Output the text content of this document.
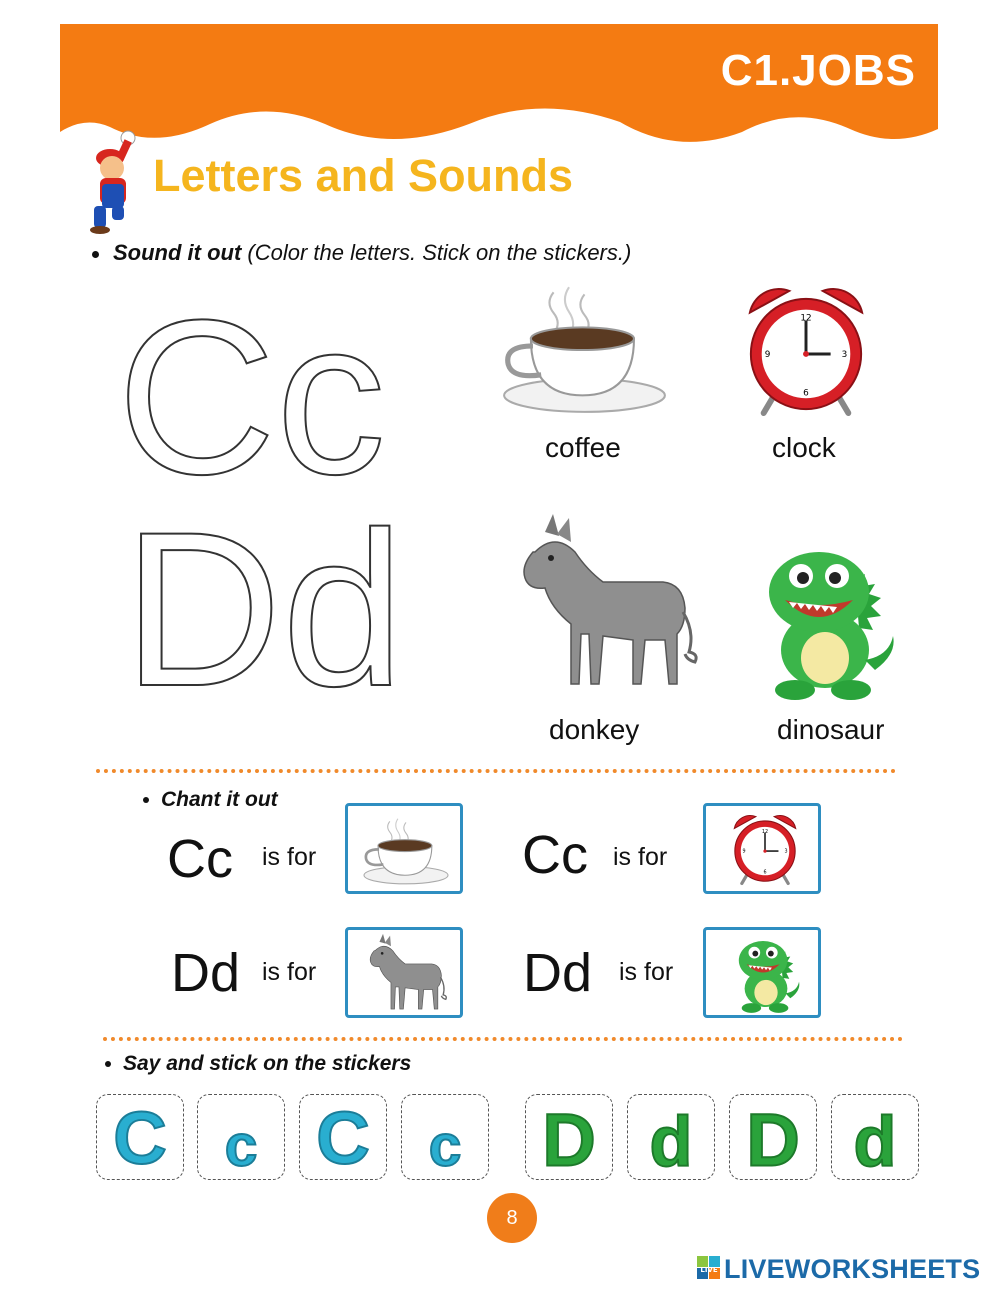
C1.JOBS
Letters and Sounds
Sound it out (Color the letters. Stick on the stickers.)
Cc
Dd
coffee	clock
donkey	dinosaur
Chant it out
Cc is for	Cc is for
Dd is for	Dd is for
Say and stick on the stickers
C c C c D d D d
8
LIVE LIVEWORKSHEETS
